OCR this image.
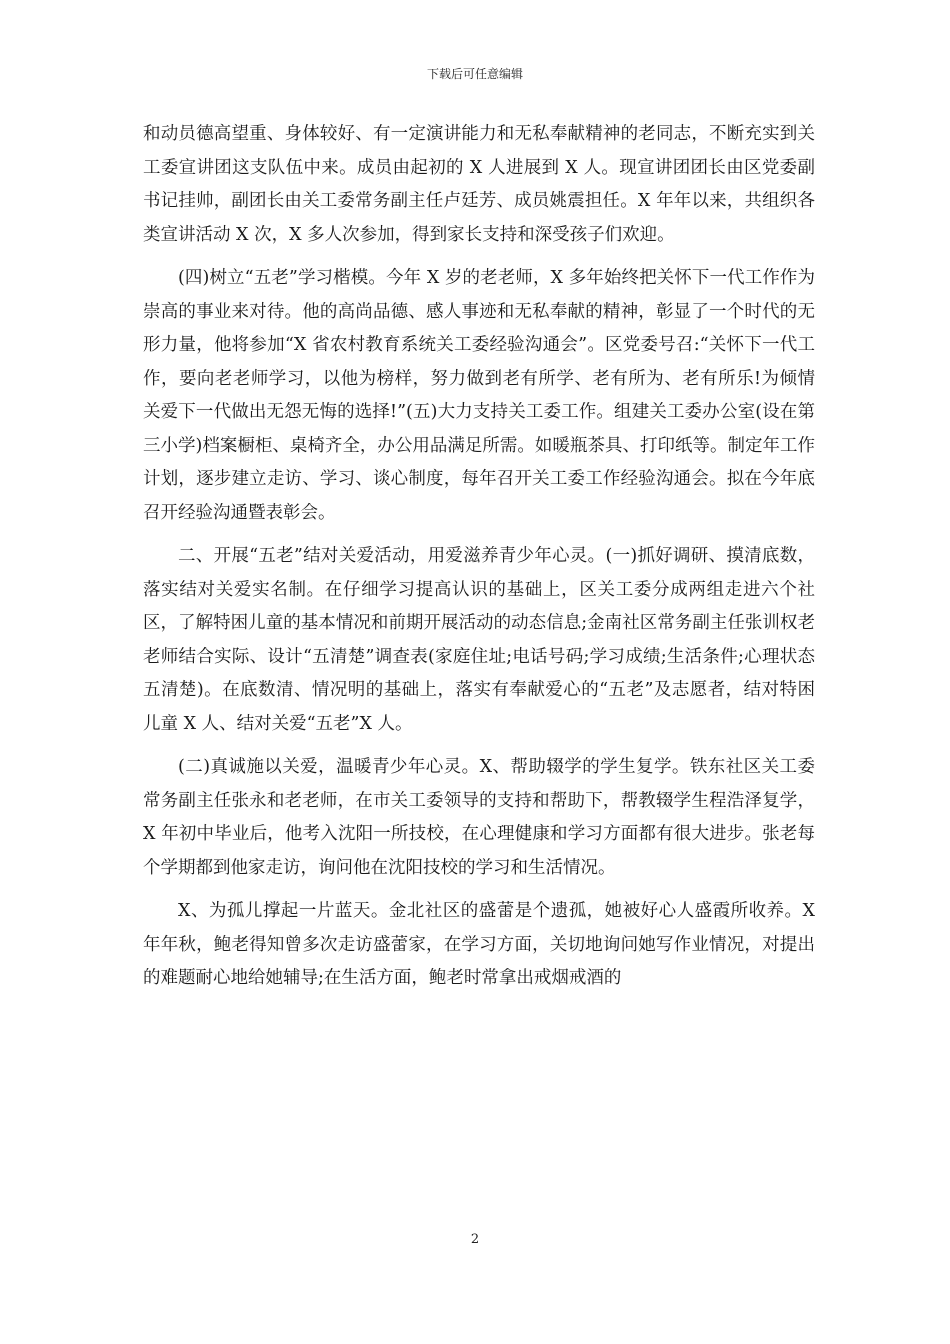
下载后可任意编辑

和动员德高望重、身体较好、有一定演讲能力和无私奉献精神的老同志，不断充实到关工委宣讲团这支队伍中来。成员由起初的 X 人进展到 X 人。现宣讲团团长由区党委副书记挂帅，副团长由关工委常务副主任卢廷芳、成员姚震担任。X 年年以来，共组织各类宣讲活动 X 次，X 多人次参加，得到家长支持和深受孩子们欢迎。

(四)树立“五老”学习楷模。今年 X 岁的老老师，X 多年始终把关怀下一代工作作为崇高的事业来对待。他的高尚品德、感人事迹和无私奉献的精神，彰显了一个时代的无形力量，他将参加“X 省农村教育系统关工委经验沟通会”。区党委号召:“关怀下一代工作，要向老老师学习，以他为榜样，努力做到老有所学、老有所为、老有所乐!为倾情关爱下一代做出无怨无悔的选择!”(五)大力支持关工委工作。组建关工委办公室(设在第三小学)档案橱柜、桌椅齐全，办公用品满足所需。如暖瓶茶具、打印纸等。制定年工作计划，逐步建立走访、学习、谈心制度，每年召开关工委工作经验沟通会。拟在今年底召开经验沟通暨表彰会。

二、开展“五老”结对关爱活动，用爱滋养青少年心灵。(一)抓好调研、摸清底数，落实结对关爱实名制。在仔细学习提高认识的基础上，区关工委分成两组走进六个社区，了解特困儿童的基本情况和前期开展活动的动态信息;金南社区常务副主任张训权老老师结合实际、设计“五清楚”调查表(家庭住址;电话号码;学习成绩;生活条件;心理状态五清楚)。在底数清、情况明的基础上，落实有奉献爱心的“五老”及志愿者，结对特困儿童 X 人、结对关爱“五老”X 人。

(二)真诚施以关爱，温暖青少年心灵。X、帮助辍学的学生复学。铁东社区关工委常务副主任张永和老老师，在市关工委领导的支持和帮助下，帮教辍学生程浩泽复学，X 年初中毕业后，他考入沈阳一所技校，在心理健康和学习方面都有很大进步。张老每个学期都到他家走访，询问他在沈阳技校的学习和生活情况。

X、为孤儿撑起一片蓝天。金北社区的盛蕾是个遗孤，她被好心人盛霞所收养。X 年年秋，鲍老得知曾多次走访盛蕾家，在学习方面，关切地询问她写作业情况，对提出的难题耐心地给她辅导;在生活方面，鲍老时常拿出戒烟戒酒的

2
